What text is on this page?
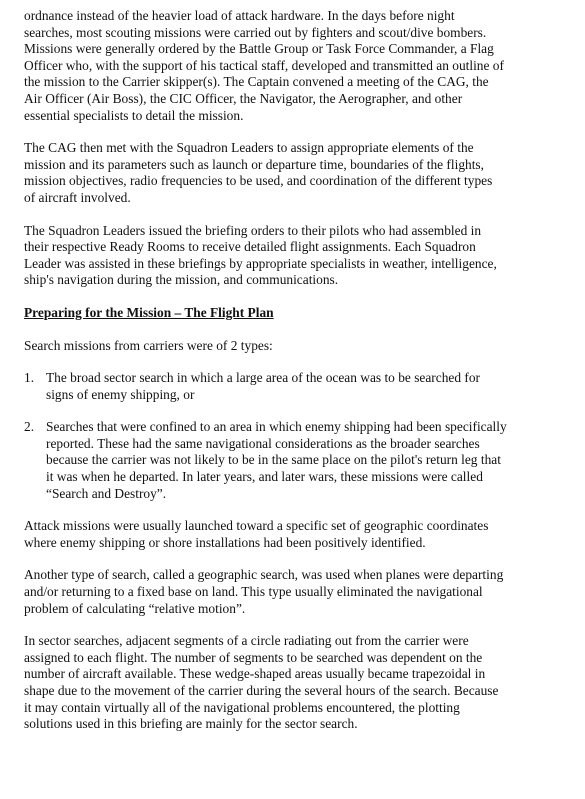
ordnance instead of the heavier load of attack hardware. In the days before night
searches, most scouting missions were carried out by fighters and scout/dive bombers.
Missions were generally ordered by the Battle Group or Task Force Commander, a Flag
Officer who, with the support of his tactical staff, developed and transmitted an outline of
the mission to the Carrier skipper(s). The Captain convened a meeting of the CAG, the
Air Officer (Air Boss), the CIC Officer, the Navigator, the Aerographer, and other
essential specialists to detail the mission.

The CAG then met with the Squadron Leaders to assign appropriate elements of the
mission and its parameters such as launch or departure time, boundaries of the flights,
mission objectives, radio frequencies to be used, and coordination of the different types
of aircraft involved.

The Squadron Leaders issued the briefing orders to their pilots who had assembled in
their respective Ready Rooms to receive detailed flight assignments. Each Squadron
Leader was assisted in these briefings by appropriate specialists in weather, intelligence,
ship's navigation during the mission, and communications.

Preparing for the Mission – The Flight Plan

Search missions from carriers were of 2 types:

1. The broad sector search in which a large area of the ocean was to be searched for
signs of enemy shipping, or
2. Searches that were confined to an area in which enemy shipping had been specifically
reported. These had the same navigational considerations as the broader searches
because the carrier was not likely to be in the same place on the pilot's return leg that
it was when he departed. In later years, and later wars, these missions were called
“Search and Destroy”.

Attack missions were usually launched toward a specific set of geographic coordinates
where enemy shipping or shore installations had been positively identified.

Another type of search, called a geographic search, was used when planes were departing
and/or returning to a fixed base on land. This type usually eliminated the navigational
problem of calculating “relative motion”.

In sector searches, adjacent segments of a circle radiating out from the carrier were
assigned to each flight. The number of segments to be searched was dependent on the
number of aircraft available. These wedge-shaped areas usually became trapezoidal in
shape due to the movement of the carrier during the several hours of the search. Because
it may contain virtually all of the navigational problems encountered, the plotting
solutions used in this briefing are mainly for the sector search.
